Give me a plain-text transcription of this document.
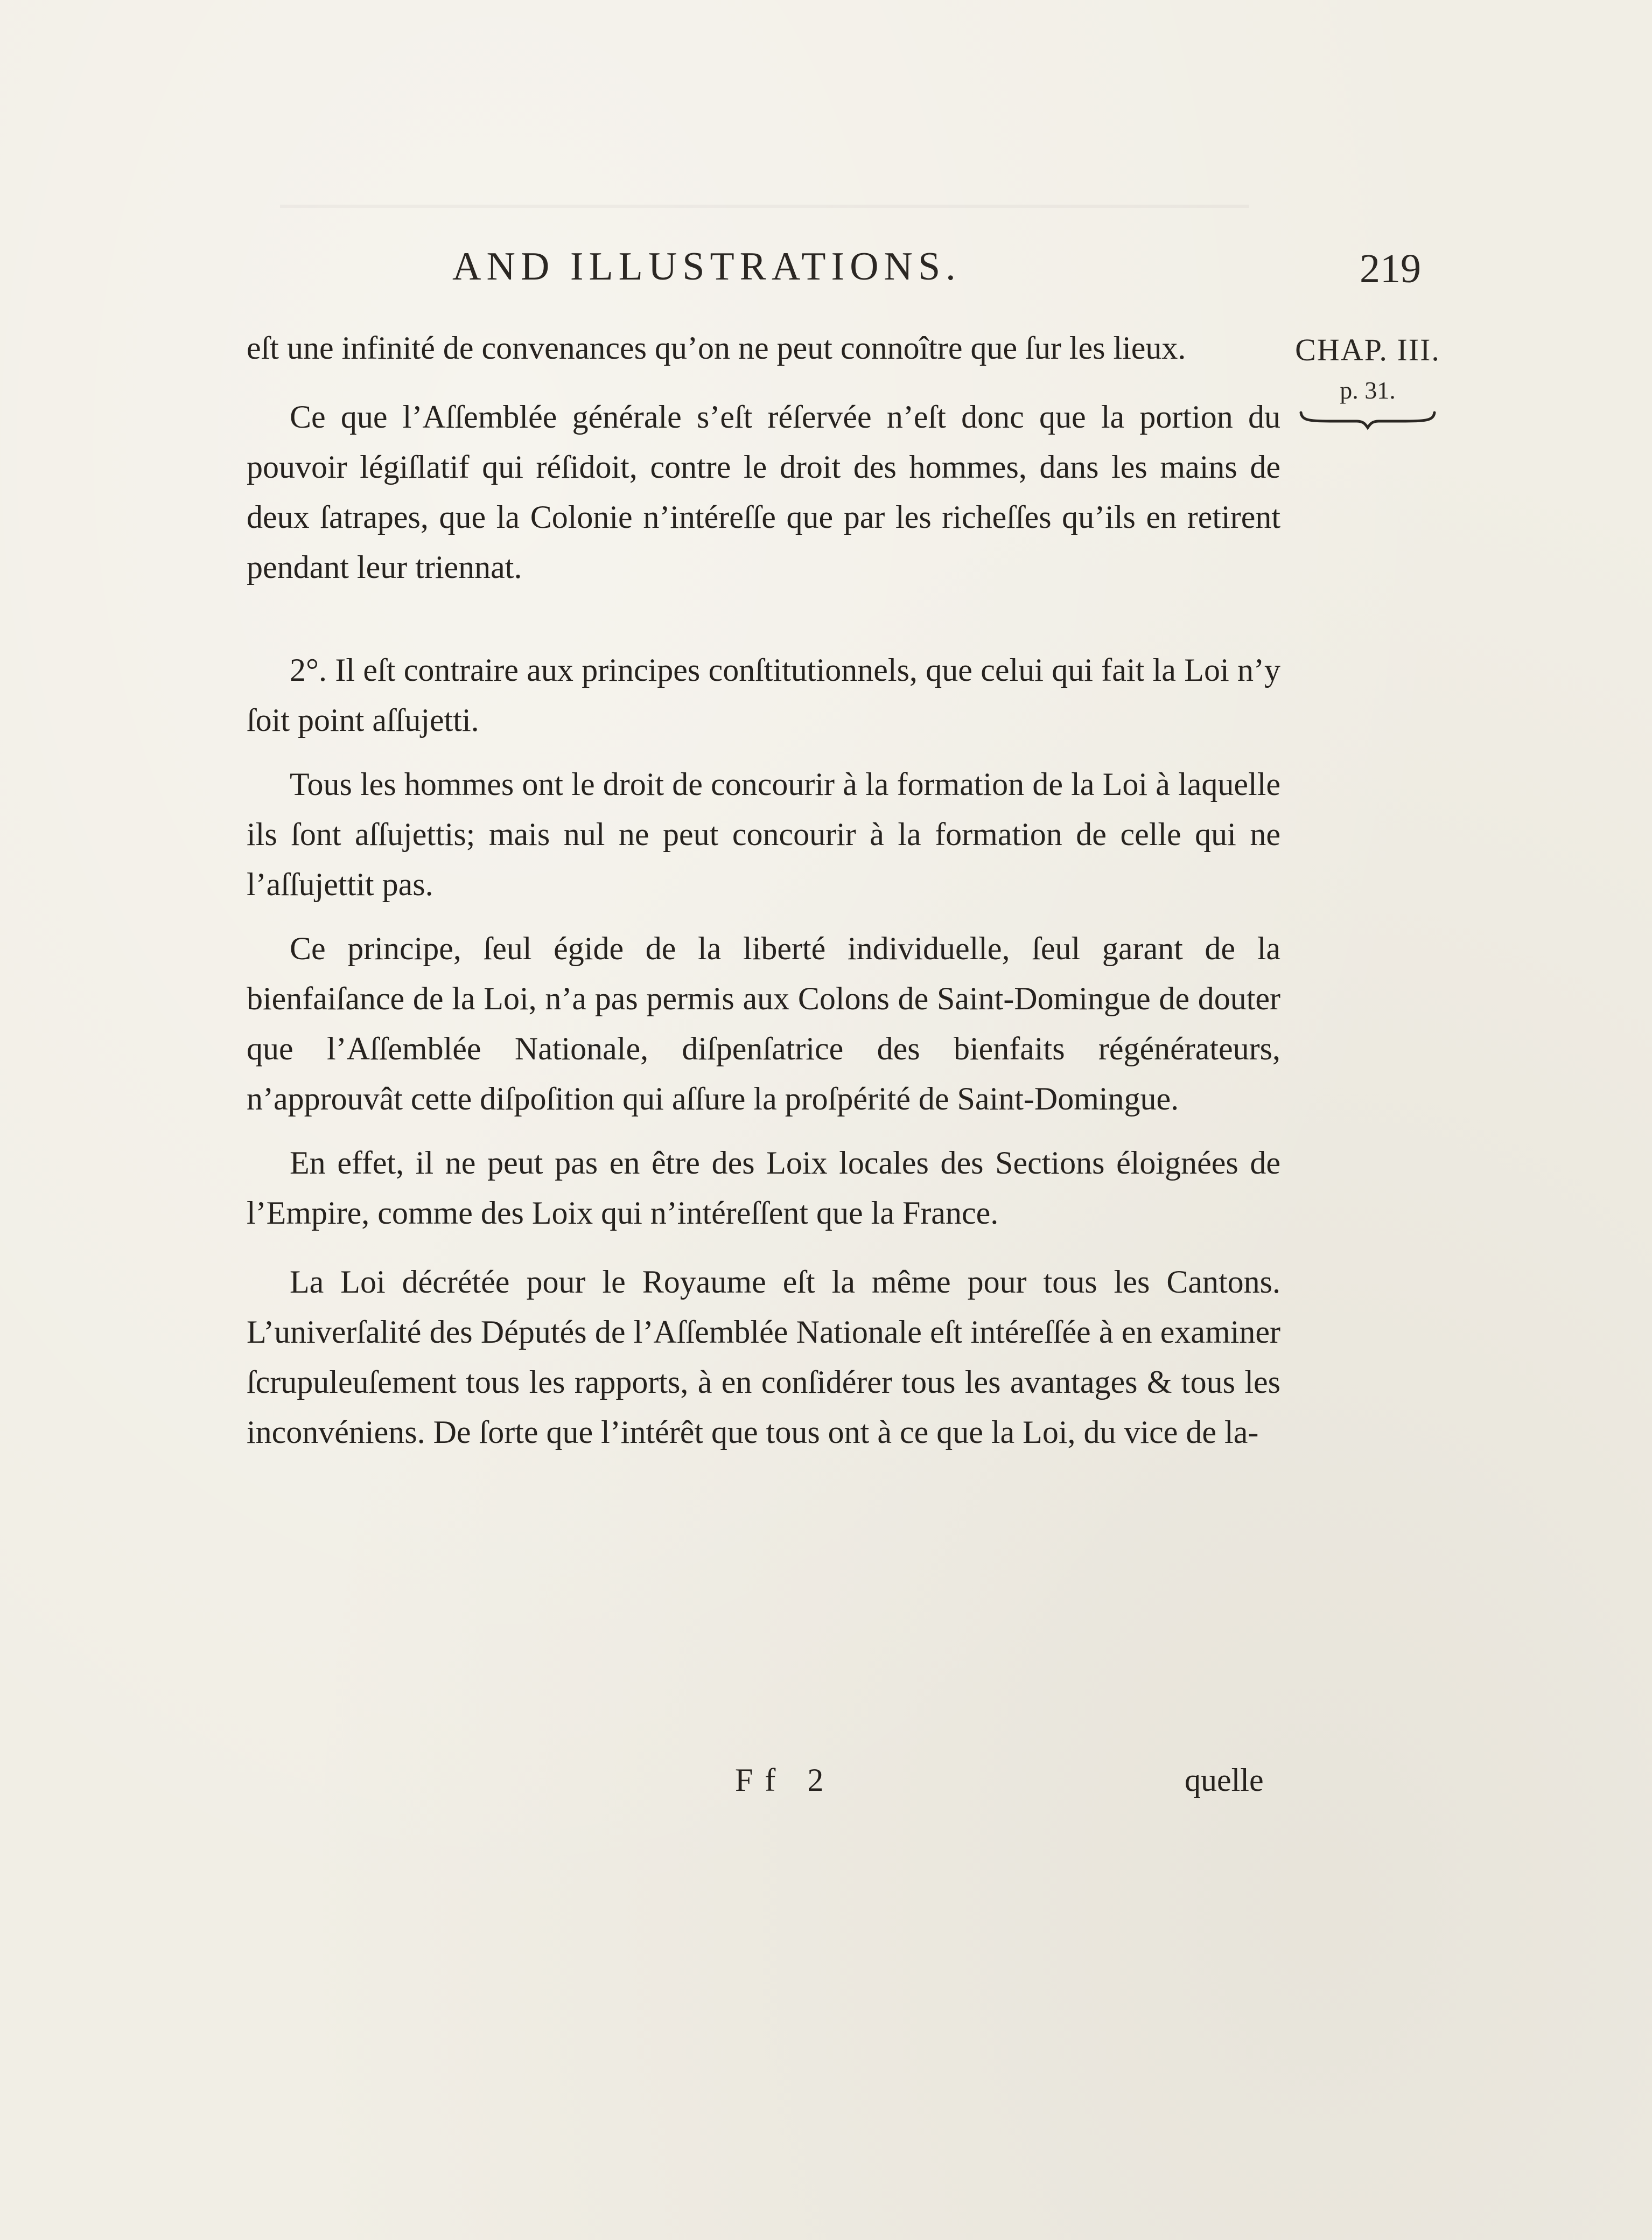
AND ILLUSTRATIONS.	219
CHAP. III.
p. 31.

eſt une infinité de convenances qu’on ne peut connoître que ſur les lieux.

Ce que l’Aſſemblée générale s’eſt réſervée n’eſt donc que la portion du pouvoir légiſlatif qui réſidoit, contre le droit des hommes, dans les mains de deux ſatrapes, que la Colonie n’intéreſſe que par les richeſſes qu’ils en retirent pendant leur triennat.

2°. Il eſt contraire aux principes conſtitutionnels, que celui qui fait la Loi n’y ſoit point aſſujetti.

Tous les hommes ont le droit de concourir à la formation de la Loi à laquelle ils ſont aſſujettis; mais nul ne peut concourir à la formation de celle qui ne l’aſſujettit pas.

Ce principe, ſeul égide de la liberté individuelle, ſeul garant de la bienfaiſance de la Loi, n’a pas permis aux Colons de Saint-Domingue de douter que l’Aſſemblée Nationale, diſpenſatrice des bienfaits régénérateurs, n’approuvât cette diſpoſition qui aſſure la proſpérité de Saint-Domingue.

En effet, il ne peut pas en être des Loix locales des Sections éloignées de l’Empire, comme des Loix qui n’intéreſſent que la France.

La Loi décrétée pour le Royaume eſt la même pour tous les Cantons. L’univerſalité des Députés de l’Aſſemblée Nationale eſt intéreſſée à en examiner ſcrupuleuſement tous les rapports, à en conſidérer tous les avantages & tous les inconvéniens. De ſorte que l’intérêt que tous ont à ce que la Loi, du vice de la-

Ff 2	quelle
